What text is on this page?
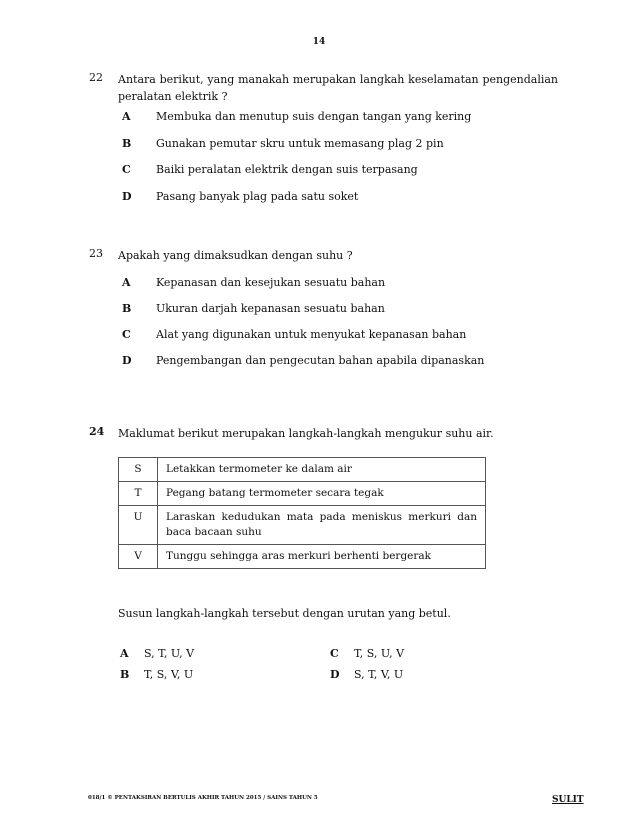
14
22 Antara berikut, yang manakah merupakan langkah keselamatan pengendalian
peralatan elektrik ?
A Membuka dan menutup suis dengan tangan yang kering
B Gunakan pemutar skru untuk memasang plag 2 pin
C Baiki peralatan elektrik dengan suis terpasang
D Pasang banyak plag pada satu soket
23 Apakah yang dimaksudkan dengan suhu ?
A Kepanasan dan kesejukan sesuatu bahan
B Ukuran darjah kepanasan sesuatu bahan
C Alat yang digunakan untuk menyukat kepanasan bahan
D Pengembangan dan pengecutan bahan apabila dipanaskan
24 Maklumat berikut merupakan langkah-langkah mengukur suhu air.
S	Letakkan termometer ke dalam air
T	Pegang batang termometer secara tegak
U	Laraskan kedudukan mata pada meniskus merkuri dan baca bacaan suhu
V	Tunggu sehingga aras merkuri berhenti bergerak
Susun langkah-langkah tersebut dengan urutan yang betul.
A S, T, U, V
B T, S, V, U
C T, S, U, V
D S, T, V, U
018/1 © PENTAKSIRAN BERTULIS AKHIR TAHUN 2015 / SAINS TAHUN 5	SULIT
